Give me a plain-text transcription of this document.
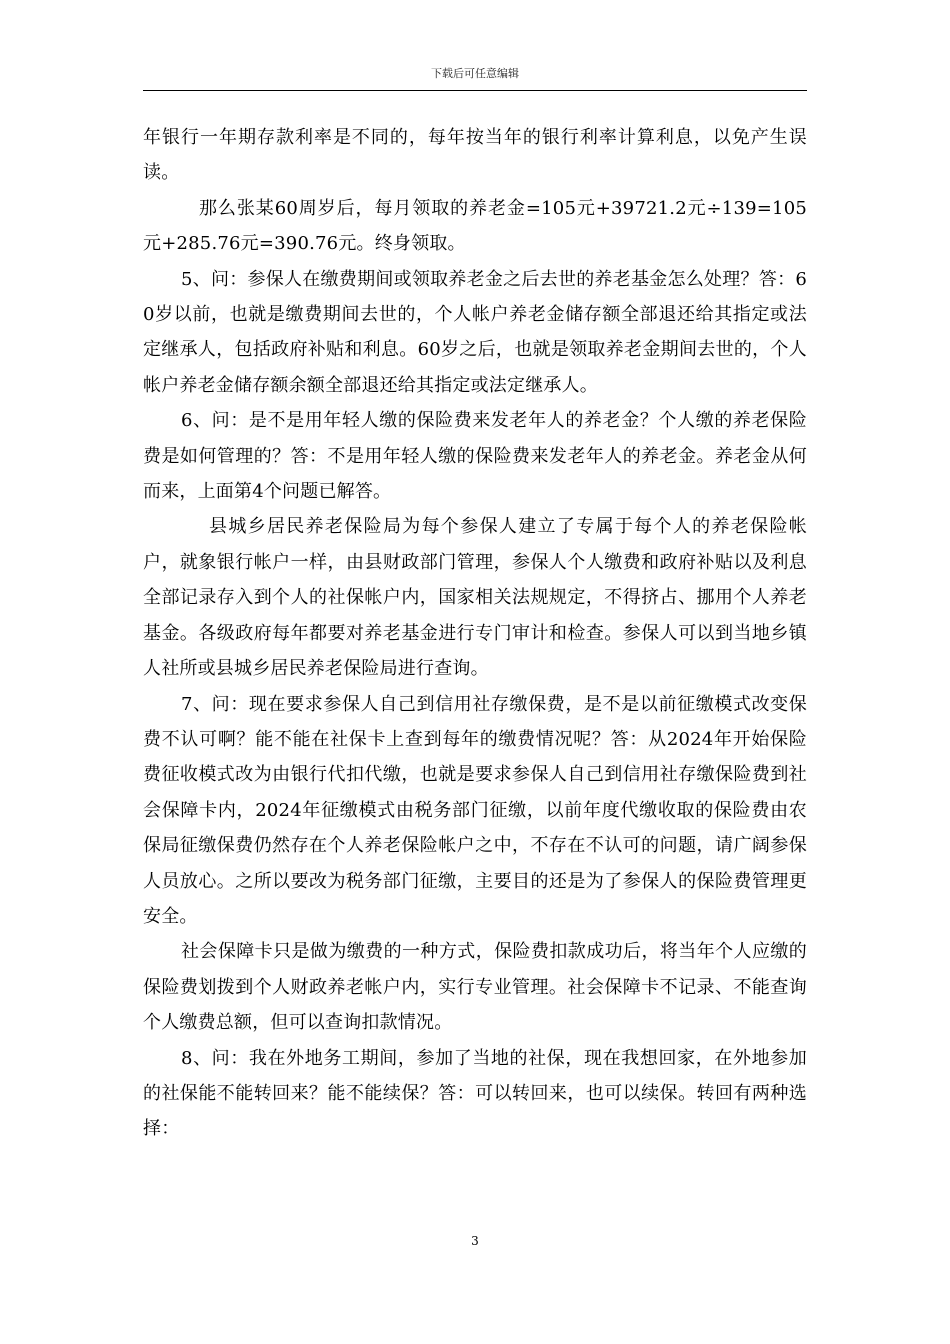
下载后可任意编辑

年银行一年期存款利率是不同的，每年按当年的银行利率计算利息，以免产生误读。

那么张某60周岁后，每月领取的养老金=105元+39721.2元÷139=105元+285.76元=390.76元。终身领取。

5、问：参保人在缴费期间或领取养老金之后去世的养老基金怎么处理？答：60岁以前，也就是缴费期间去世的，个人帐户养老金储存额全部退还给其指定或法定继承人，包括政府补贴和利息。60岁之后，也就是领取养老金期间去世的，个人帐户养老金储存额余额全部退还给其指定或法定继承人。

6、问：是不是用年轻人缴的保险费来发老年人的养老金？个人缴的养老保险费是如何管理的？答：不是用年轻人缴的保险费来发老年人的养老金。养老金从何而来，上面第4个问题已解答。

县城乡居民养老保险局为每个参保人建立了专属于每个人的养老保险帐户，就象银行帐户一样，由县财政部门管理，参保人个人缴费和政府补贴以及利息全部记录存入到个人的社保帐户内，国家相关法规规定，不得挤占、挪用个人养老基金。各级政府每年都要对养老基金进行专门审计和检查。参保人可以到当地乡镇人社所或县城乡居民养老保险局进行查询。

7、问：现在要求参保人自己到信用社存缴保费，是不是以前征缴模式改变保费不认可啊？能不能在社保卡上查到每年的缴费情况呢？答：从2024年开始保险费征收模式改为由银行代扣代缴，也就是要求参保人自己到信用社存缴保险费到社会保障卡内，2024年征缴模式由税务部门征缴，以前年度代缴收取的保险费由农保局征缴保费仍然存在个人养老保险帐户之中，不存在不认可的问题，请广阔参保人员放心。之所以要改为税务部门征缴，主要目的还是为了参保人的保险费管理更安全。

社会保障卡只是做为缴费的一种方式，保险费扣款成功后，将当年个人应缴的保险费划拨到个人财政养老帐户内，实行专业管理。社会保障卡不记录、不能查询个人缴费总额，但可以查询扣款情况。

8、问：我在外地务工期间，参加了当地的社保，现在我想回家，在外地参加的社保能不能转回来？能不能续保？答：可以转回来，也可以续保。转回有两种选择：

3
